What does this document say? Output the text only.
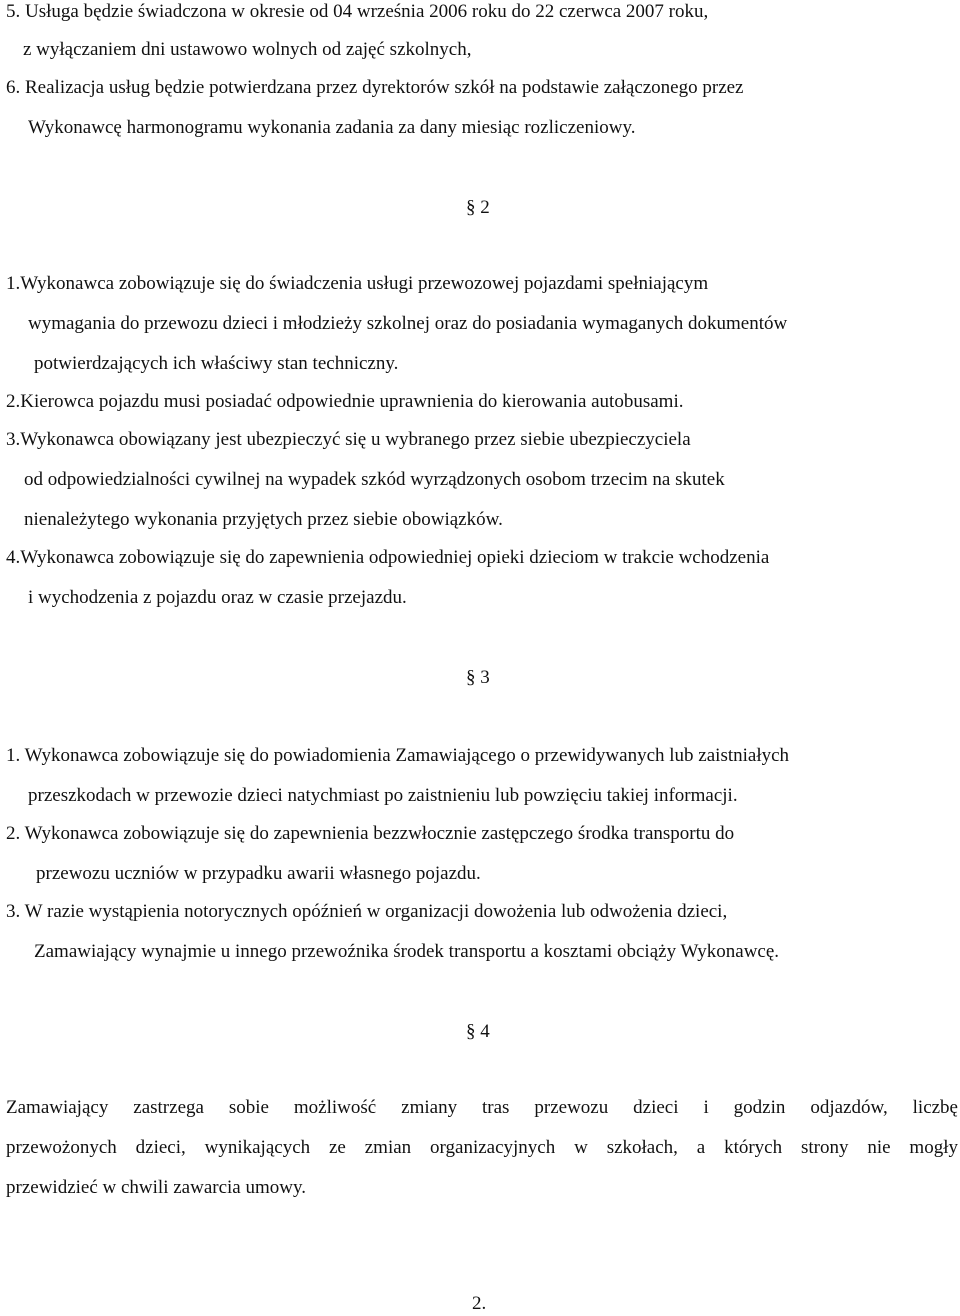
5. Usługa będzie świadczona w okresie od 04 września 2006 roku do 22 czerwca 2007 roku,
z wyłączaniem dni ustawowo wolnych od zajęć szkolnych,
6. Realizacja usług będzie potwierdzana przez dyrektorów szkół na podstawie załączonego przez
Wykonawcę harmonogramu wykonania zadania za dany miesiąc rozliczeniowy.
§ 2
1.Wykonawca zobowiązuje się do świadczenia usługi przewozowej pojazdami spełniającym
wymagania do przewozu dzieci i młodzieży szkolnej oraz do posiadania wymaganych dokumentów
potwierdzających ich właściwy stan techniczny.
2.Kierowca pojazdu musi posiadać odpowiednie uprawnienia do kierowania autobusami.
3.Wykonawca obowiązany jest ubezpieczyć się u wybranego przez siebie ubezpieczyciela
od odpowiedzialności cywilnej na wypadek szkód wyrządzonych osobom trzecim na skutek
nienależytego wykonania przyjętych przez siebie obowiązków.
4.Wykonawca zobowiązuje się do zapewnienia odpowiedniej opieki dzieciom w trakcie wchodzenia
i wychodzenia z pojazdu oraz w czasie przejazdu.
§ 3
1. Wykonawca zobowiązuje się do powiadomienia Zamawiającego o przewidywanych lub zaistniałych
przeszkodach w przewozie dzieci natychmiast po zaistnieniu lub powzięciu takiej informacji.
2. Wykonawca zobowiązuje się do zapewnienia bezzwłocznie zastępczego środka transportu do
przewozu uczniów w przypadku awarii własnego pojazdu.
3. W razie wystąpienia notorycznych opóźnień w organizacji dowożenia lub odwożenia dzieci,
Zamawiający wynajmie u innego przewoźnika środek transportu a kosztami obciąży Wykonawcę.
§ 4
Zamawiający zastrzega sobie możliwość zmiany tras przewozu dzieci i godzin odjazdów, liczbę
przewożonych dzieci, wynikających ze zmian organizacyjnych w szkołach, a których strony nie mogły
przewidzieć w chwili zawarcia umowy.
2.
